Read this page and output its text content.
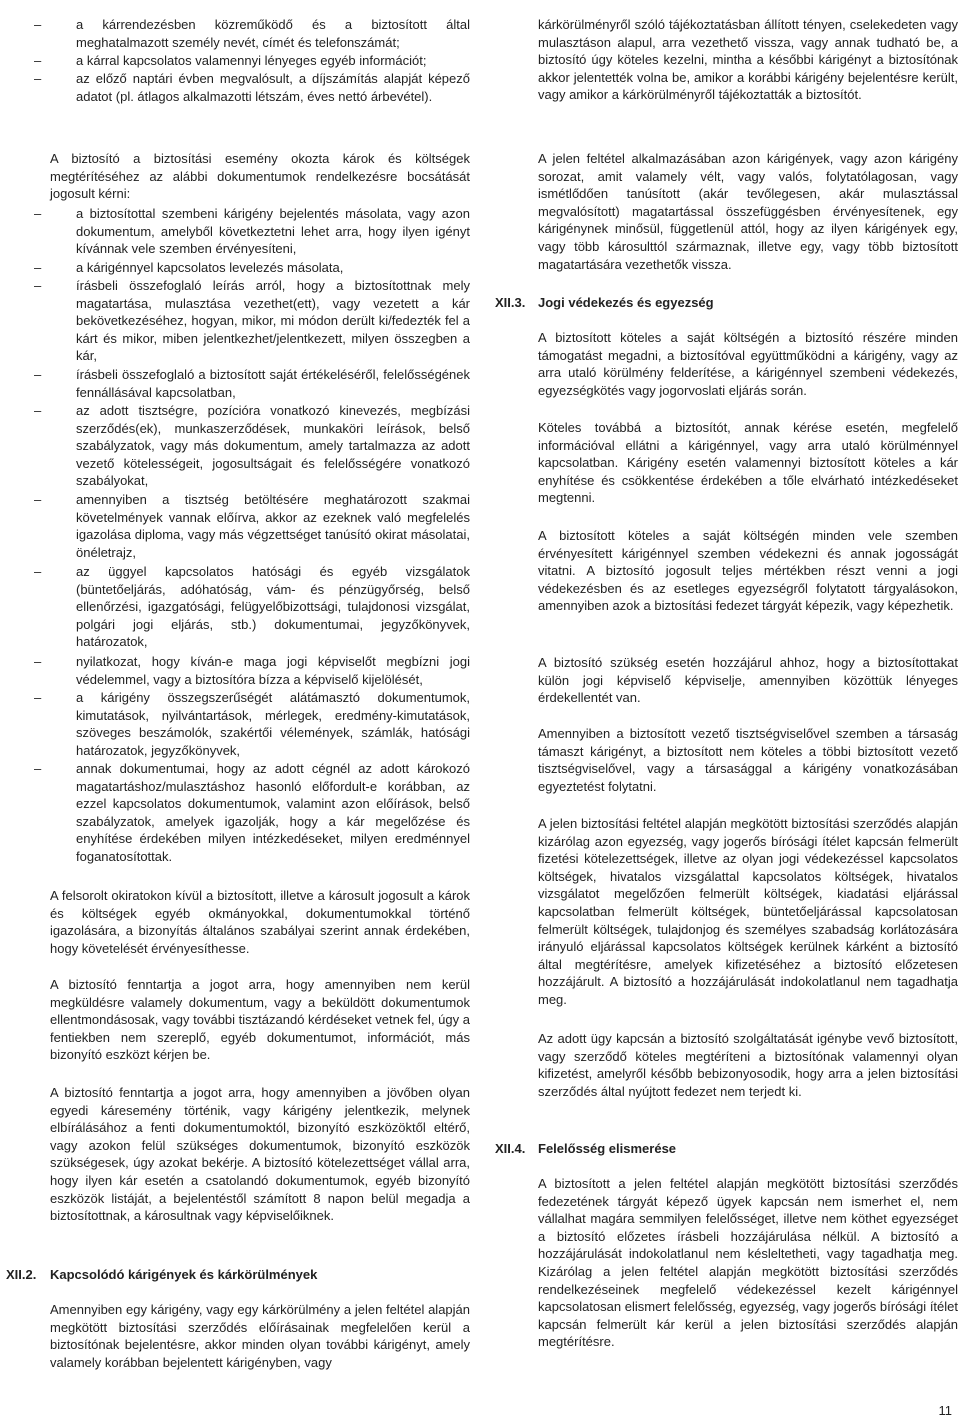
–	a kárrendezésben közreműködő és a biztosított által meghatalmazott személy nevét, címét és telefonszámát;

–	a kárral kapcsolatos valamennyi lényeges egyéb információt;

–	az előző naptári évben megvalósult, a díjszámítás alapját képező adatot (pl. átlagos alkalmazotti létszám, éves nettó árbevétel).

A biztosító a biztosítási esemény okozta károk és költségek megtérítéséhez az alábbi dokumentumok rendelkezésre bocsátását jogosult kérni:

–	a biztosítottal szembeni kárigény bejelentés másolata, vagy azon dokumentum, amelyből következtetni lehet arra, hogy ilyen igényt kívánnak vele szemben érvényesíteni,

–	a kárigénnyel kapcsolatos levelezés másolata,

–	írásbeli összefoglaló leírás arról, hogy a biztosítottnak mely magatartása, mulasztása vezethet(ett), vagy vezetett a kár bekövetkezéséhez, hogyan, mikor, mi módon derült ki/fedezték fel a kárt és mikor, miben jelentkezhet/jelentkezett, milyen összegben a kár,

–	írásbeli összefoglaló a biztosított saját értékeléséről, felelősségének fennállásával kapcsolatban,

–	az adott tisztségre, pozícióra vonatkozó kinevezés, megbízási szerződés(ek), munkaszerződések, munkaköri leírások, belső szabályzatok, vagy más dokumentum, amely tartalmazza az adott vezető kötelességeit, jogosultságait és felelősségére vonatkozó szabályokat,

–	amennyiben a tisztség betöltésére meghatározott szakmai követelmények vannak előírva, akkor az ezeknek való megfelelés igazolása diploma, vagy más végzettséget tanúsító okirat másolatai, önéletrajz,

–	az üggyel kapcsolatos hatósági és egyéb vizsgálatok (büntetőeljárás, adóhatóság, vám- és pénzügyőrség, belső ellenőrzési, igazgatósági, felügyelőbizottsági, tulajdonosi vizsgálat, polgári jogi eljárás, stb.) dokumentumai, jegyzőkönyvek, határozatok,

–	nyilatkozat, hogy kíván-e maga jogi képviselőt megbízni jogi védelemmel, vagy a biztosítóra bízza a képviselő kijelölését,

–	a kárigény összegszerűségét alátámasztó dokumentumok, kimutatások, nyilvántartások, mérlegek, eredmény-kimutatások, szöveges beszámolók, szakértői vélemények, számlák, hatósági határozatok, jegyzőkönyvek,

–	annak dokumentumai, hogy az adott cégnél az adott károkozó magatartáshoz/mulasztáshoz hasonló előfordult-e korábban, az ezzel kapcsolatos dokumentumok, valamint azon előírások, belső szabályzatok, amelyek igazolják, hogy a kár megelőzése és enyhítése érdekében milyen intézkedéseket, milyen eredménnyel foganatosítottak.

A felsorolt okiratokon kívül a biztosított, illetve a károsult jogosult a károk és költségek egyéb okmányokkal, dokumentumokkal történő igazolására, a bizonyítás általános szabályai szerint annak érdekében, hogy követelését érvényesíthesse.

A biztosító fenntartja a jogot arra, hogy amennyiben nem kerül megküldésre valamely dokumentum, vagy a beküldött dokumentumok ellentmondásosak, vagy további tisztázandó kérdéseket vetnek fel, úgy a fentiekben nem szereplő, egyéb dokumentumot, információt, más bizonyító eszközt kérjen be.

A biztosító fenntartja a jogot arra, hogy amennyiben a jövőben olyan egyedi káresemény történik, vagy kárigény jelentkezik, melynek elbírálásához a fenti dokumentumoktól, bizonyító eszközöktől eltérő, vagy azokon felül szükséges dokumentumok, bizonyító eszközök szükségesek, úgy azokat bekérje. A biztosító kötelezettséget vállal arra, hogy ilyen kár esetén a csatolandó dokumentumok, egyéb bizonyító eszközök listáját, a bejelentéstől számított 8 napon belül megadja a biztosítottnak, a károsultnak vagy képviselőiknek.

XII.2. Kapcsolódó kárigények és kárkörülmények

Amennyiben egy kárigény, vagy egy kárkörülmény a jelen feltétel alapján megkötött biztosítási szerződés előírásainak megfelelően kerül a biztosítónak bejelentésre, akkor minden olyan további kárigényt, amely valamely korábban bejelentett kárigényben, vagy

kárkörülményről szóló tájékoztatásban állított tényen, cselekedeten vagy mulasztáson alapul, arra vezethető vissza, vagy annak tudható be, a biztosító úgy köteles kezelni, mintha a későbbi kárigényt a biztosítónak akkor jelentették volna be, amikor a korábbi kárigény bejelentésre került, vagy amikor a kárkörülményről tájékoztatták a biztosítót.

A jelen feltétel alkalmazásában azon kárigények, vagy azon kárigény sorozat, amit valamely vélt, vagy valós, folytatólagosan, vagy ismétlődően tanúsított (akár tevőlegesen, akár mulasztással megvalósított) magatartással összefüggésben érvényesítenek, egy kárigénynek minősül, függetlenül attól, hogy az ilyen kárigények egy, vagy több károsulttól származnak, illetve egy, vagy több biztosított magatartására vezethetők vissza.

XII.3. Jogi védekezés és egyezség

A biztosított köteles a saját költségén a biztosító részére minden támogatást megadni, a biztosítóval együttműködni a kárigény, vagy az arra utaló körülmény felderítése, a kárigénnyel szembeni védekezés, egyezségkötés vagy jogorvoslati eljárás során.

Köteles továbbá a biztosítót, annak kérése esetén, megfelelő információval ellátni a kárigénnyel, vagy arra utaló körülménnyel kapcsolatban. Kárigény esetén valamennyi biztosított köteles a kár enyhítése és csökkentése érdekében a tőle elvárható intézkedéseket megtenni.

A biztosított köteles a saját költségén minden vele szemben érvényesített kárigénnyel szemben védekezni és annak jogosságát vitatni. A biztosító jogosult teljes mértékben részt venni a jogi védekezésben és az esetleges egyezségről folytatott tárgyalásokon, amennyiben azok a biztosítási fedezet tárgyát képezik, vagy képezhetik.

A biztosító szükség esetén hozzájárul ahhoz, hogy a biztosítottakat külön jogi képviselő képviselje, amennyiben közöttük lényeges érdekellentét van.

Amennyiben a biztosított vezető tisztségviselővel szemben a társaság támaszt kárigényt, a biztosított nem köteles a többi biztosított vezető tisztségviselővel, vagy a társasággal a kárigény vonatkozásában egyeztetést folytatni.

A jelen biztosítási feltétel alapján megkötött biztosítási szerződés alapján kizárólag azon egyezség, vagy jogerős bírósági ítélet kapcsán felmerült fizetési kötelezettségek, illetve az olyan jogi védekezéssel kapcsolatos költségek, hivatalos vizsgálattal kapcsolatos költségek, hivatalos vizsgálatot megelőzően felmerült költségek, kiadatási eljárással kapcsolatban felmerült költségek, büntetőeljárással kapcsolatosan felmerült költségek, tulajdonjog és személyes szabadság korlátozására irányuló eljárással kapcsolatos költségek kerülnek kárként a biztosító által megtérítésre, amelyek kifizetéséhez a biztosító előzetesen hozzájárult. A biztosító a hozzájárulását indokolatlanul nem tagadhatja meg.

Az adott ügy kapcsán a biztosító szolgáltatását igénybe vevő biztosított, vagy szerződő köteles megtéríteni a biztosítónak valamennyi olyan kifizetést, amelyről később bebizonyosodik, hogy arra a jelen biztosítási szerződés által nyújtott fedezet nem terjedt ki.

XII.4. Felelősség elismerése

A biztosított a jelen feltétel alapján megkötött biztosítási szerződés fedezetének tárgyát képező ügyek kapcsán nem ismerhet el, nem vállalhat magára semmilyen felelősséget, illetve nem köthet egyezséget a biztosító előzetes írásbeli hozzájárulása nélkül. A biztosító a hozzájárulását indokolatlanul nem késleltetheti, vagy tagadhatja meg. Kizárólag a jelen feltétel alapján megkötött biztosítási szerződés rendelkezéseinek megfelelő védekezéssel kezelt kárigénnyel kapcsolatosan elismert felelősség, egyezség, vagy jogerős bírósági ítélet kapcsán felmerült kár kerül a jelen biztosítási szerződés alapján megtérítésre.

11
